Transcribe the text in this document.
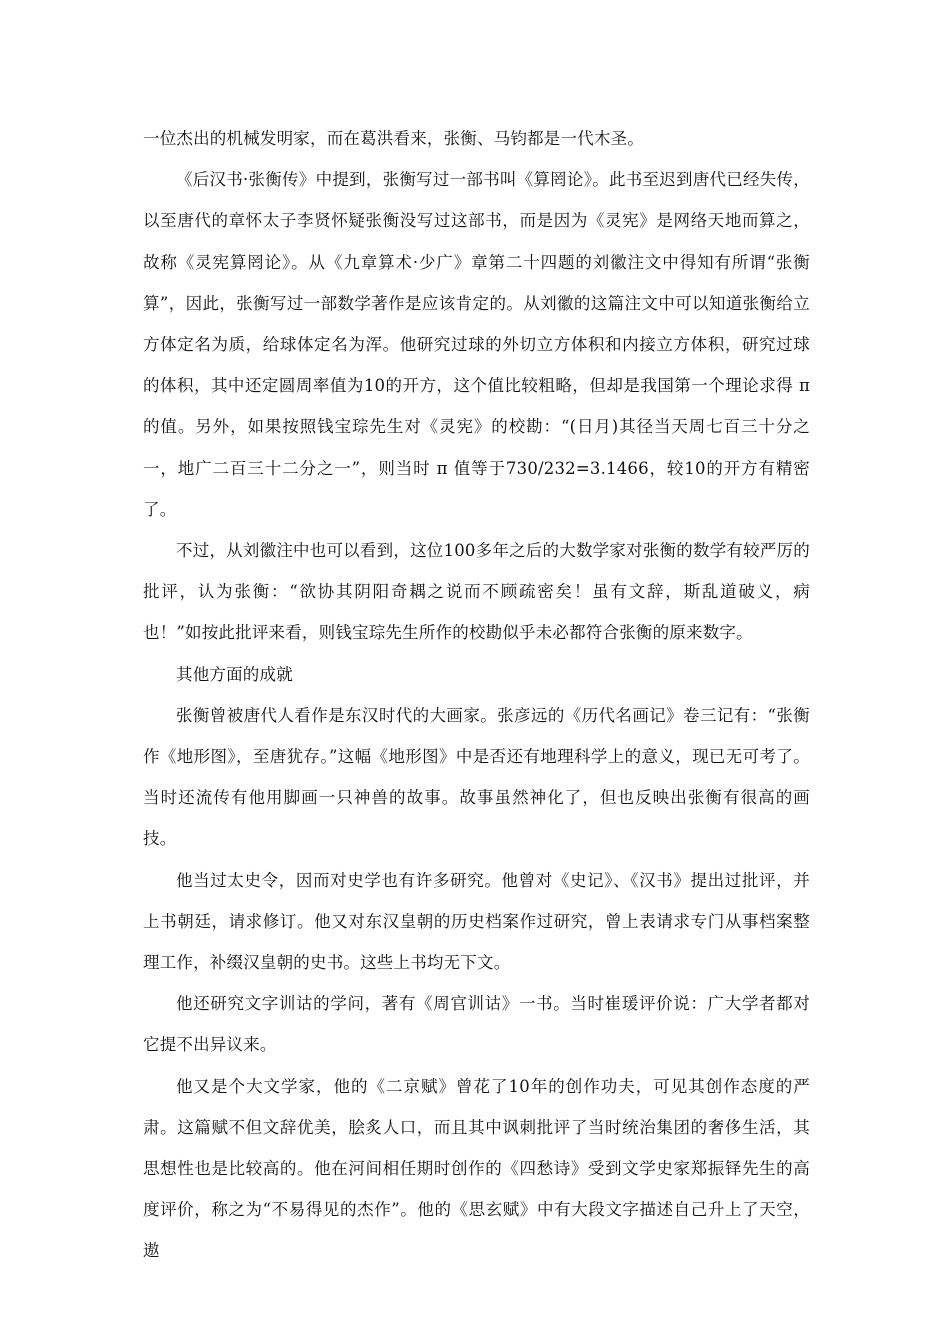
一位杰出的机械发明家，而在葛洪看来，张衡、马钧都是一代木圣。

《后汉书·张衡传》中提到，张衡写过一部书叫《算罔论》。此书至迟到唐代已经失传，以至唐代的章怀太子李贤怀疑张衡没写过这部书，而是因为《灵宪》是网络天地而算之，故称《灵宪算罔论》。从《九章算术·少广》章第二十四题的刘徽注文中得知有所谓“张衡算”，因此，张衡写过一部数学著作是应该肯定的。从刘徽的这篇注文中可以知道张衡给立方体定名为质，给球体定名为浑。他研究过球的外切立方体积和内接立方体积，研究过球的体积，其中还定圆周率值为10的开方，这个值比较粗略，但却是我国第一个理论求得 π 的值。另外，如果按照钱宝琮先生对《灵宪》的校勘：“(日月)其径当天周七百三十分之一，地广二百三十二分之一”，则当时 π 值等于730/232=3.1466，较10的开方有精密了。

不过，从刘徽注中也可以看到，这位100多年之后的大数学家对张衡的数学有较严厉的批评，认为张衡：“欲协其阴阳奇耦之说而不顾疏密矣！虽有文辞，斯乱道破义，病也！”如按此批评来看，则钱宝琮先生所作的校勘似乎未必都符合张衡的原来数字。

其他方面的成就

张衡曾被唐代人看作是东汉时代的大画家。张彦远的《历代名画记》卷三记有：“张衡作《地形图》，至唐犹存。”这幅《地形图》中是否还有地理科学上的意义，现已无可考了。当时还流传有他用脚画一只神兽的故事。故事虽然神化了，但也反映出张衡有很高的画技。

他当过太史令，因而对史学也有许多研究。他曾对《史记》、《汉书》提出过批评，并上书朝廷，请求修订。他又对东汉皇朝的历史档案作过研究，曾上表请求专门从事档案整理工作，补缀汉皇朝的史书。这些上书均无下文。

他还研究文字训诂的学问，著有《周官训诂》一书。当时崔瑗评价说：广大学者都对它提不出异议来。

他又是个大文学家，他的《二京赋》曾花了10年的创作功夫，可见其创作态度的严肃。这篇赋不但文辞优美，脍炙人口，而且其中讽刺批评了当时统治集团的奢侈生活，其思想性也是比较高的。他在河间相任期时创作的《四愁诗》受到文学史家郑振铎先生的高度评价，称之为“不易得见的杰作”。他的《思玄赋》中有大段文字描述自己升上了天空，遨
